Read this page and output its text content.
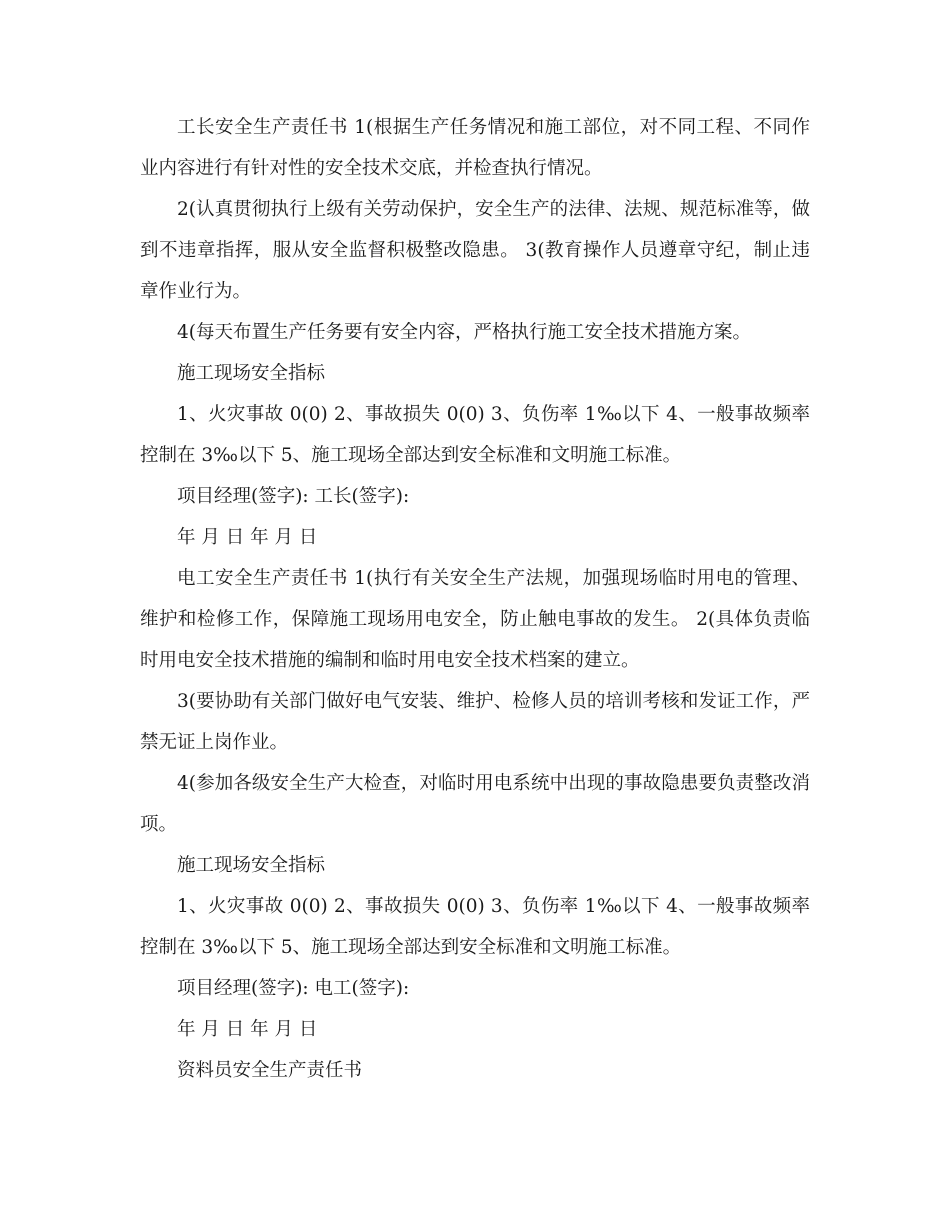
工长安全生产责任书 1(根据生产任务情况和施工部位，对不同工程、不同作业内容进行有针对性的安全技术交底，并检查执行情况。

2(认真贯彻执行上级有关劳动保护，安全生产的法律、法规、规范标准等，做到不违章指挥，服从安全监督积极整改隐患。 3(教育操作人员遵章守纪，制止违章作业行为。

4(每天布置生产任务要有安全内容，严格执行施工安全技术措施方案。

施工现场安全指标

1、火灾事故 0(0) 2、事故损失 0(0) 3、负伤率 1‰以下 4、一般事故频率控制在 3‰以下 5、施工现场全部达到安全标准和文明施工标准。

项目经理(签字): 工长(签字):

年 月 日 年 月 日

电工安全生产责任书 1(执行有关安全生产法规，加强现场临时用电的管理、维护和检修工作，保障施工现场用电安全，防止触电事故的发生。 2(具体负责临时用电安全技术措施的编制和临时用电安全技术档案的建立。

3(要协助有关部门做好电气安装、维护、检修人员的培训考核和发证工作，严禁无证上岗作业。

4(参加各级安全生产大检查，对临时用电系统中出现的事故隐患要负责整改消项。

施工现场安全指标

1、火灾事故 0(0) 2、事故损失 0(0) 3、负伤率 1‰以下 4、一般事故频率控制在 3‰以下 5、施工现场全部达到安全标准和文明施工标准。

项目经理(签字): 电工(签字):

年 月 日 年 月 日

资料员安全生产责任书
